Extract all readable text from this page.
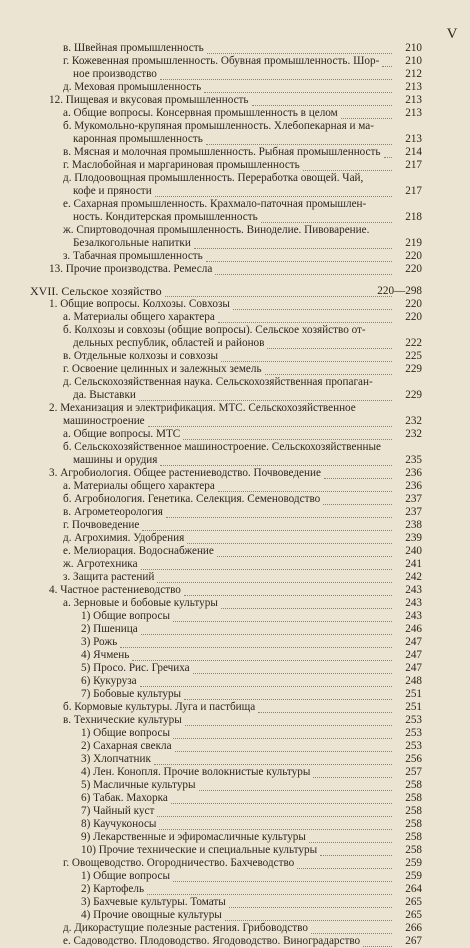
V
в. Швейная промышленность	210
г. Кожевенная промышленность. Обувная промышленность. Шор- 210
ное производство	212
д. Меховая промышленность	213
12. Пищевая и вкусовая промышленность	213
а. Общие вопросы. Консервная промышленность в целом	213
б. Мукомольно-крупяная промышленность. Хлебопекарная и ма-
каронная промышленность	213
в. Мясная и молочная промышленность. Рыбная промышленность 214
г. Маслобойная и маргариновая промышленность	217
д. Плодоовощная промышленность. Переработка овощей. Чай,
кофе и пряности	217
е. Сахарная промышленность. Крахмало-паточная промышлен-
ность. Кондитерская промышленность	218
ж. Спиртоводочная промышленность. Виноделие. Пивоварение.
Безалкогольные напитки	219
з. Табачная промышленность	220
13. Прочие производства. Ремесла	220
XVII. Сельское хозяйство	220—298
1. Общие вопросы. Колхозы. Совхозы	220
а. Материалы общего характера	220
б. Колхозы и совхозы (общие вопросы). Сельское хозяйство от-
дельных республик, областей и районов	222
в. Отдельные колхозы и совхозы	225
г. Освоение целинных и залежных земель	229
д. Сельскохозяйственная наука. Сельскохозяйственная пропаган-
да. Выставки	229
2. Механизация и электрификация. МТС. Сельскохозяйственное
машиностроение	232
а. Общие вопросы. МТС	232
б. Сельскохозяйственное машиностроение. Сельскохозяйственные
машины и орудия	235
3. Агробиология. Общее растениеводство. Почвоведение	236
а. Материалы общего характера	236
б. Агробиология. Генетика. Селекция. Семеноводство	237
в. Агрометеорология	237
г. Почвоведение	238
д. Агрохимия. Удобрения	239
е. Мелиорация. Водоснабжение	240
ж. Агротехника	241
з. Защита растений	242
4. Частное растениеводство	243
а. Зерновые и бобовые культуры	243
1) Общие вопросы	243
2) Пшеница	246
3) Рожь	247
4) Ячмень	247
5) Просо. Рис. Гречиха	247
6) Кукуруза	248
7) Бобовые культуры	251
б. Кормовые культуры. Луга и пастбища	251
в. Технические культуры	253
1) Общие вопросы	253
2) Сахарная свекла	253
3) Хлопчатник	256
4) Лен. Конопля. Прочие волокнистые культуры	257
5) Масличные культуры	258
6) Табак. Махорка	258
7) Чайный куст	258
8) Каучуконосы	258
9) Лекарственные и эфиромасличные культуры	258
10) Прочие технические и специальные культуры	258
г. Овощеводство. Огородничество. Бахчеводство	259
1) Общие вопросы	259
2) Картофель	264
3) Бахчевые культуры. Томаты	265
4) Прочие овощные культуры	265
д. Дикорастущие полезные растения. Грибоводство	266
е. Садоводство. Плодоводство. Ягодоводство. Виноградарство	267
